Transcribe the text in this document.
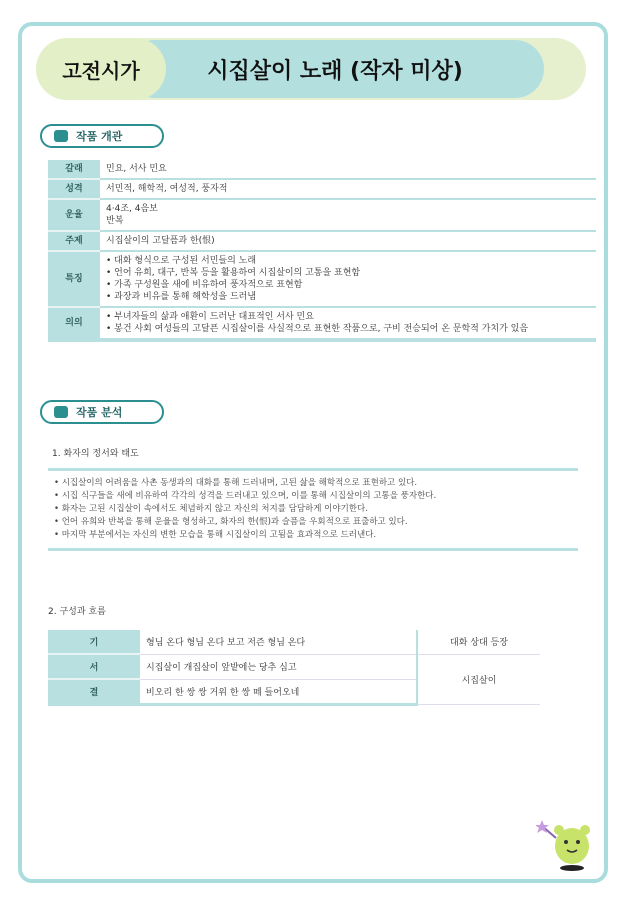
시집살이 노래 (작자 미상)
고전시가
작품 개관
갈래	민요, 서사 민요

성격	서민적, 해학적, 여성적, 풍자적

운율	4·4조, 4음보
반복

주제	시집살이의 고달픔과 한(恨)

특징	• 대화 형식으로 구성된 서민들의 노래
• 언어 유희, 대구, 반복 등을 활용하여 시집살이의 고통을 표현함
• 가족 구성원을 새에 비유하여 풍자적으로 표현함
• 과장과 비유를 통해 해학성을 드러냄

의의	• 부녀자들의 삶과 애환이 드러난 대표적인 서사 민요
• 봉건 사회 여성들의 고달픈 시집살이를 사실적으로 표현한 작품으로, 구비 전승되어 온 문학적 가치가 있음
작품 분석
1. 화자의 정서와 태도
• 시집살이의 어려움을 사촌 동생과의 대화를 통해 드러내며, 고된 삶을 해학적으로 표현하고 있다.
• 시집 식구들을 새에 비유하여 각각의 성격을 드러내고 있으며, 이를 통해 시집살이의 고통을 풍자한다.
• 화자는 고된 시집살이 속에서도 체념하지 않고 자신의 처지를 담담하게 이야기한다.
• 언어 유희와 반복을 통해 운율을 형성하고, 화자의 한(恨)과 슬픔을 우회적으로 표출하고 있다.
• 마지막 부분에서는 자신의 변한 모습을 통해 시집살이의 고됨을 효과적으로 드러낸다.
2. 구성과 흐름
기	형님 온다 형님 온다 보고 저즌 형님 온다	대화 상대 등장
서	시집살이 개집살이 앞밭에는 당추 심고	시집살이
결	비오리 한 쌍 쌍 거위 한 쌍 떼 들어오네	
